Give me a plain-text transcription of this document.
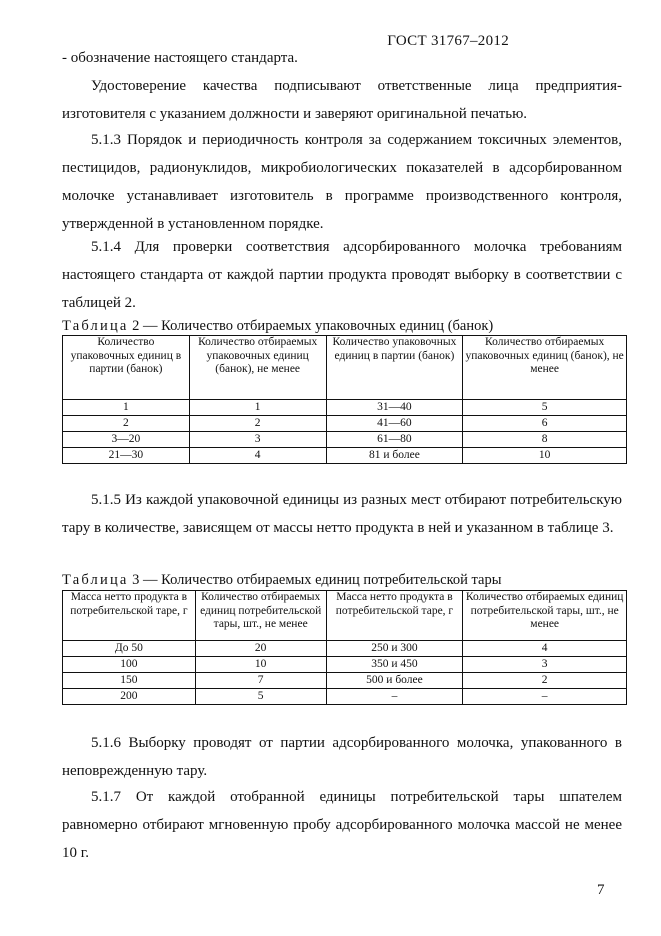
ГОСТ 31767–2012

- обозначение настоящего стандарта.

Удостоверение качества подписывают ответственные лица предприятия-изготовителя с указанием должности и заверяют оригинальной печатью.

5.1.3 Порядок и периодичность контроля за содержанием токсичных элементов, пестицидов, радионуклидов, микробиологических показателей в адсорбированном молочке устанавливает изготовитель в программе производственного контроля, утвержденной в установленном порядке.

5.1.4 Для проверки соответствия адсорбированного молочка требованиям настоящего стандарта от каждой партии продукта проводят выборку в соответствии с таблицей 2.

Таблица 2 — Количество отбираемых упаковочных единиц (банок)
Количество упаковочных единиц в партии (банок)	Количество отбираемых упаковочных единиц (банок), не менее	Количество упаковочных единиц в партии (банок)	Количество отбираемых упаковочных единиц (банок), не менее
1	1	31—40	5
2	2	41—60	6
3—20	3	61—80	8
21—30	4	81 и более	10

5.1.5 Из каждой упаковочной единицы из разных мест отбирают потребительскую тару в количестве, зависящем от массы нетто продукта в ней и указанном в таблице 3.

Таблица 3 — Количество отбираемых единиц потребительской тары
Масса нетто продукта в потребительской таре, г	Количество отбираемых единиц потребительской тары, шт., не менее	Масса нетто продукта в потребительской таре, г	Количество отбираемых единиц потребительской тары, шт., не менее
До 50	20	250 и 300	4
100	10	350 и 450	3
150	7	500 и более	2
200	5	–	–

5.1.6 Выборку проводят от партии адсорбированного молочка, упакованного в неповрежденную тару.

5.1.7 От каждой отобранной единицы потребительской тары шпателем равномерно отбирают мгновенную пробу адсорбированного молочка массой не менее 10 г.

7
